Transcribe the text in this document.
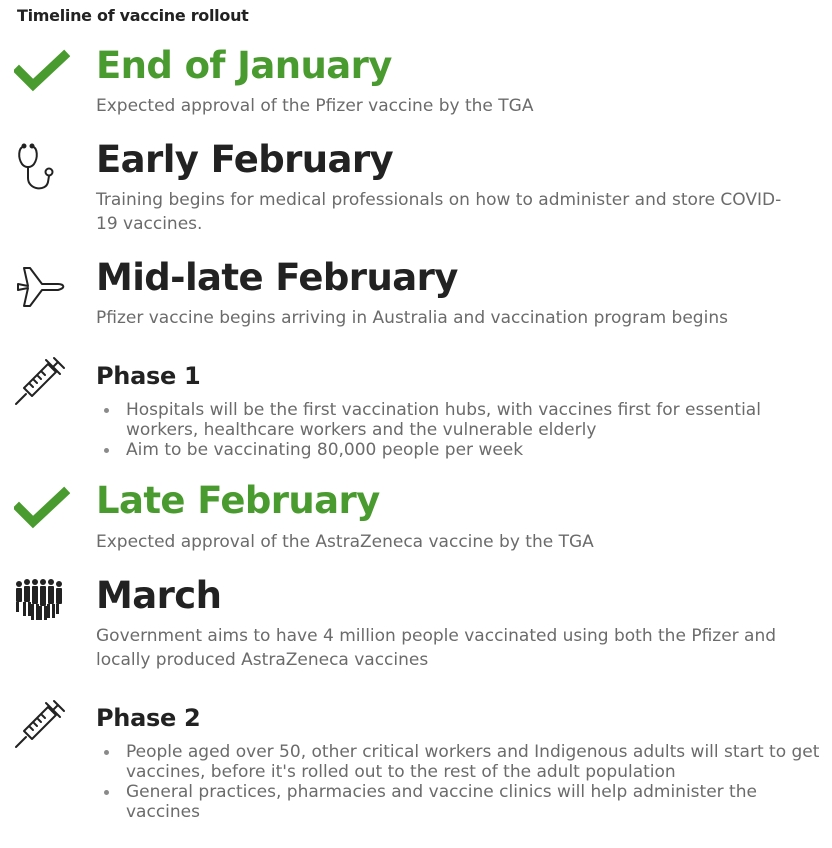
Timeline of vaccine rollout
End of January
Expected approval of the Pfizer vaccine by the TGA
Early February
Training begins for medical professionals on how to administer and store COVID-19 vaccines.
Mid-late February
Pfizer vaccine begins arriving in Australia and vaccination program begins
Phase 1
Hospitals will be the first vaccination hubs, with vaccines first for essential workers, healthcare workers and the vulnerable elderly
Aim to be vaccinating 80,000 people per week
Late February
Expected approval of the AstraZeneca vaccine by the TGA
March
Government aims to have 4 million people vaccinated using both the Pfizer and locally produced AstraZeneca vaccines
Phase 2
People aged over 50, other critical workers and Indigenous adults will start to get vaccines, before it's rolled out to the rest of the adult population
General practices, pharmacies and vaccine clinics will help administer the vaccines
